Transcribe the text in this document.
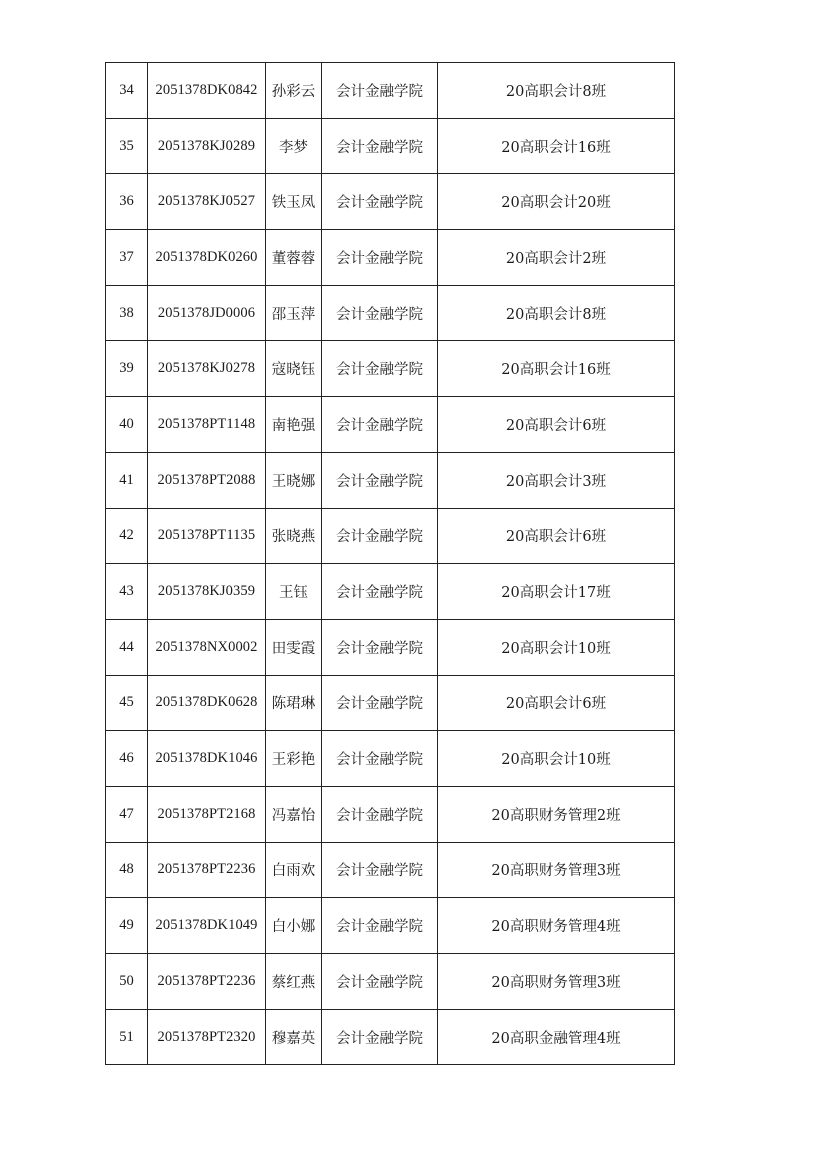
34	2051378DK0842	孙彩云	会计金融学院	20高职会计8班
35	2051378KJ0289	李梦	会计金融学院	20高职会计16班
36	2051378KJ0527	铁玉凤	会计金融学院	20高职会计20班
37	2051378DK0260	董蓉蓉	会计金融学院	20高职会计2班
38	2051378JD0006	邵玉萍	会计金融学院	20高职会计8班
39	2051378KJ0278	寇晓钰	会计金融学院	20高职会计16班
40	2051378PT1148	南艳强	会计金融学院	20高职会计6班
41	2051378PT2088	王晓娜	会计金融学院	20高职会计3班
42	2051378PT1135	张晓燕	会计金融学院	20高职会计6班
43	2051378KJ0359	王钰	会计金融学院	20高职会计17班
44	2051378NX0002	田雯霞	会计金融学院	20高职会计10班
45	2051378DK0628	陈珺琳	会计金融学院	20高职会计6班
46	2051378DK1046	王彩艳	会计金融学院	20高职会计10班
47	2051378PT2168	冯嘉怡	会计金融学院	20高职财务管理2班
48	2051378PT2236	白雨欢	会计金融学院	20高职财务管理3班
49	2051378DK1049	白小娜	会计金融学院	20高职财务管理4班
50	2051378PT2236	蔡红燕	会计金融学院	20高职财务管理3班
51	2051378PT2320	穆嘉英	会计金融学院	20高职金融管理4班
